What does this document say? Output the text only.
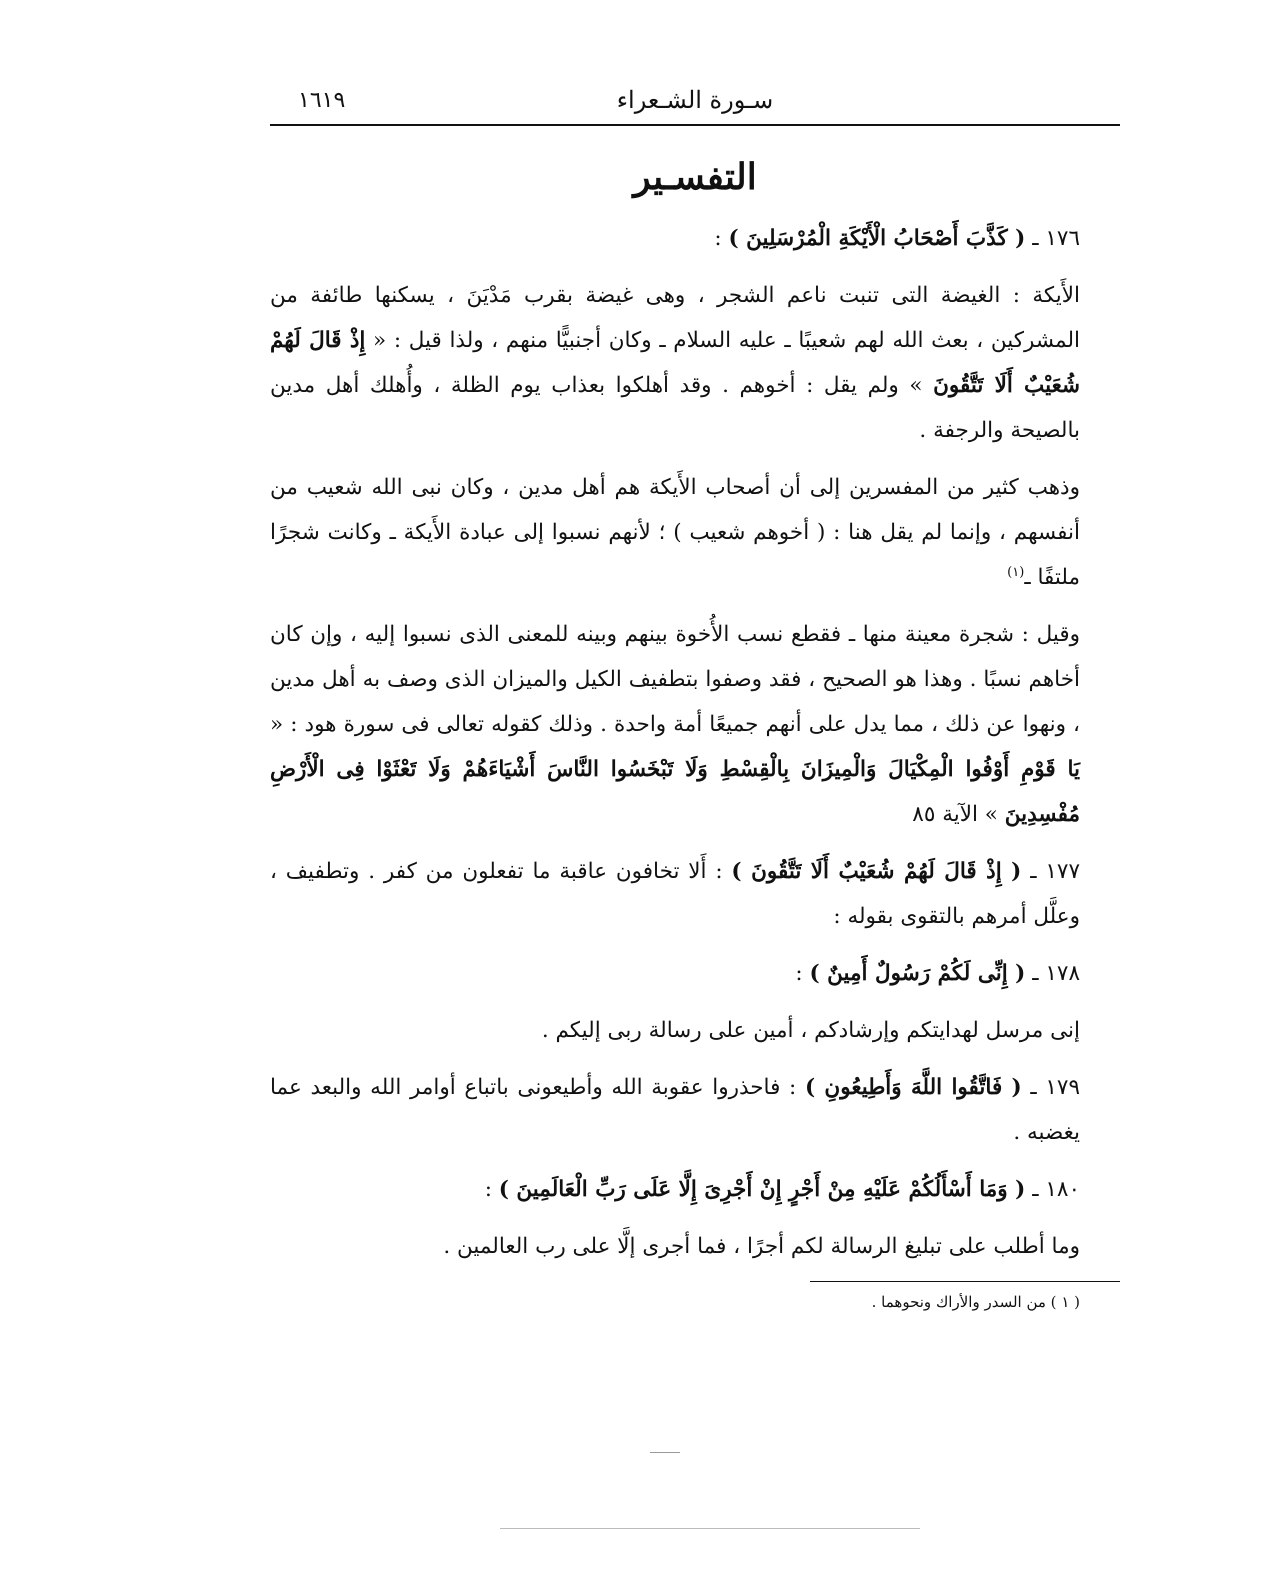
سـورة الشـعراء
١٦١٩
التفسـير
١٧٦ ـ ( كَذَّبَ أَصْحَابُ الْأَيْكَةِ الْمُرْسَلِينَ ) :

الأَيكة : الغيضة التى تنبت ناعم الشجر ، وهى غيضة بقرب مَدْيَنَ ، يسكنها طائفة من المشركين ، بعث الله لهم شعيبًا ـ عليه السلام ـ وكان أجنبيًّا منهم ، ولذا قيل : « إِذْ قَالَ لَهُمْ شُعَيْبٌ أَلَا تَتَّقُونَ » ولم يقل : أخوهم . وقد أهلكوا بعذاب يوم الظلة ، وأُهلك أهل مدين بالصيحة والرجفة .

وذهب كثير من المفسرين إلى أن أصحاب الأَيكة هم أهل مدين ، وكان نبى الله شعيب من أنفسهم ، وإنما لم يقل هنا : ( أخوهم شعيب ) ؛ لأنهم نسبوا إلى عبادة الأَيكة ـ وكانت شجرًا ملتفًا ـ$^{(١)}$

وقيل : شجرة معينة منها ـ فقطع نسب الأُخوة بينهم وبينه للمعنى الذى نسبوا إليه ، وإن كان أخاهم نسبًا . وهذا هو الصحيح ، فقد وصفوا بتطفيف الكيل والميزان الذى وصف به أهل مدين ، ونهوا عن ذلك ، مما يدل على أنهم جميعًا أمة واحدة . وذلك كقوله تعالى فى سورة هود : « يَا قَوْمِ أَوْفُوا الْمِكْيَالَ وَالْمِيزَانَ بِالْقِسْطِ وَلَا تَبْخَسُوا النَّاسَ أَشْيَاءَهُمْ وَلَا تَعْثَوْا فِى الْأَرْضِ مُفْسِدِينَ » الآية ٨٥

١٧٧ ـ ( إِذْ قَالَ لَهُمْ شُعَيْبٌ أَلَا تَتَّقُونَ ) : أَلا تخافون عاقبة ما تفعلون من كفر . وتطفيف ، وعلَّل أمرهم بالتقوى بقوله :

١٧٨ ـ ( إِنِّى لَكُمْ رَسُولٌ أَمِينٌ ) :

إنى مرسل لهدايتكم وإرشادكم ، أمين على رسالة ربى إليكم .

١٧٩ ـ ( فَاتَّقُوا اللَّهَ وَأَطِيعُونِ ) : فاحذروا عقوبة الله وأطيعونى باتباع أوامر الله والبعد عما يغضبه .

١٨٠ ـ ( وَمَا أَسْأَلُكُمْ عَلَيْهِ مِنْ أَجْرٍ إِنْ أَجْرِىَ إِلَّا عَلَى رَبِّ الْعَالَمِينَ ) :

وما أطلب على تبليغ الرسالة لكم أجرًا ، فما أجرى إلَّا على رب العالمين .

( ١ ) من السدر والأراك ونحوهما .
